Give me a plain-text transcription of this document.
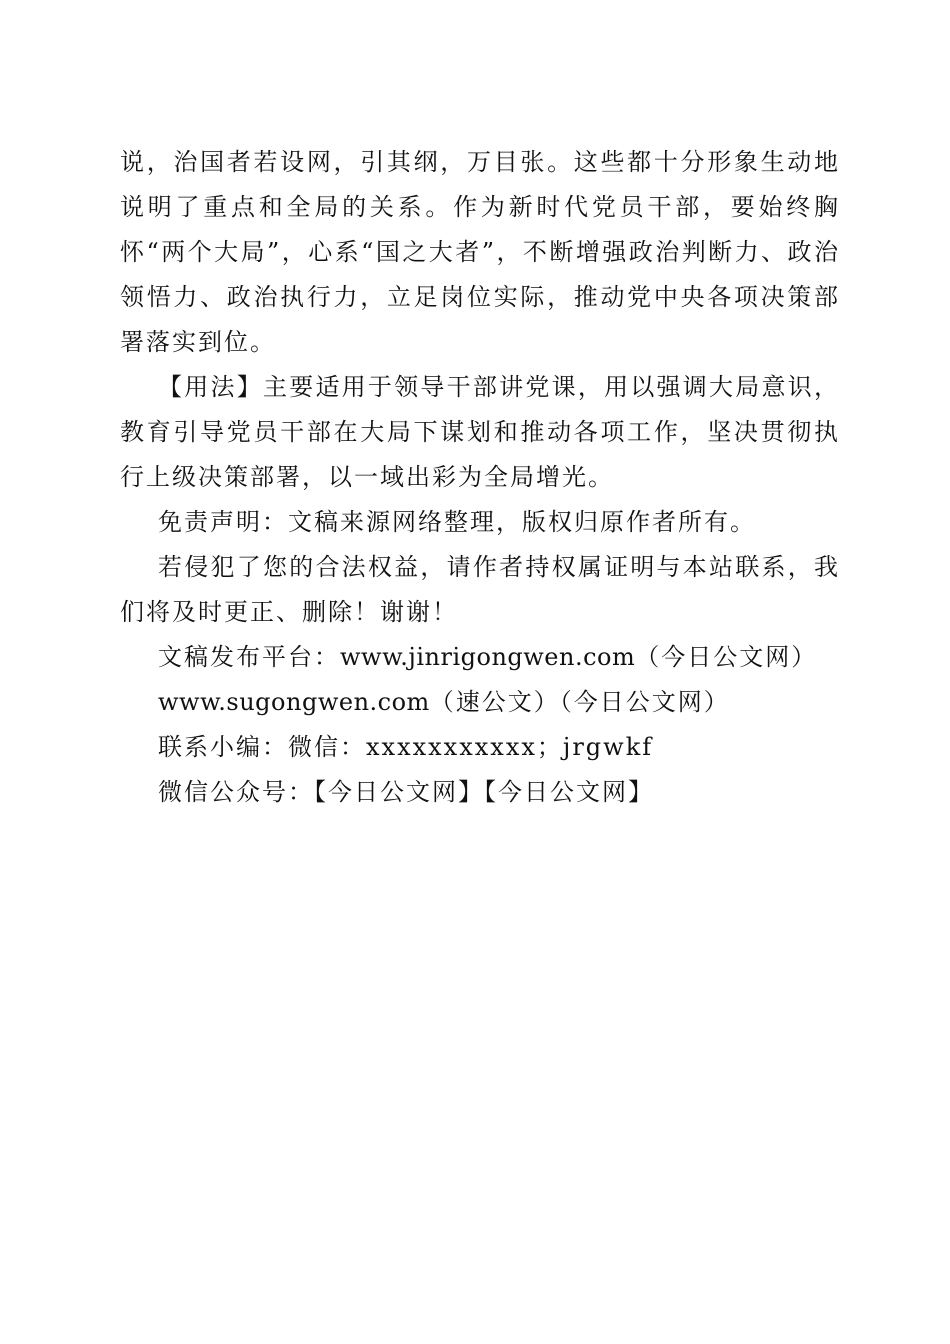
说，治国者若设网，引其纲，万目张。这些都十分形象生动地说明了重点和全局的关系。作为新时代党员干部，要始终胸怀“两个大局”，心系“国之大者”，不断增强政治判断力、政治领悟力、政治执行力，立足岗位实际，推动党中央各项决策部署落实到位。

【用法】主要适用于领导干部讲党课，用以强调大局意识，教育引导党员干部在大局下谋划和推动各项工作，坚决贯彻执行上级决策部署，以一域出彩为全局增光。

免责声明：文稿来源网络整理，版权归原作者所有。

若侵犯了您的合法权益，请作者持权属证明与本站联系，我们将及时更正、删除！谢谢！

文稿发布平台：www.jinrigongwen.com（今日公文网）

www.sugongwen.com（速公文）（今日公文网）

联系小编：微信：xxxxxxxxxxx；jrgwkf

微信公众号：【今日公文网】【今日公文网】
